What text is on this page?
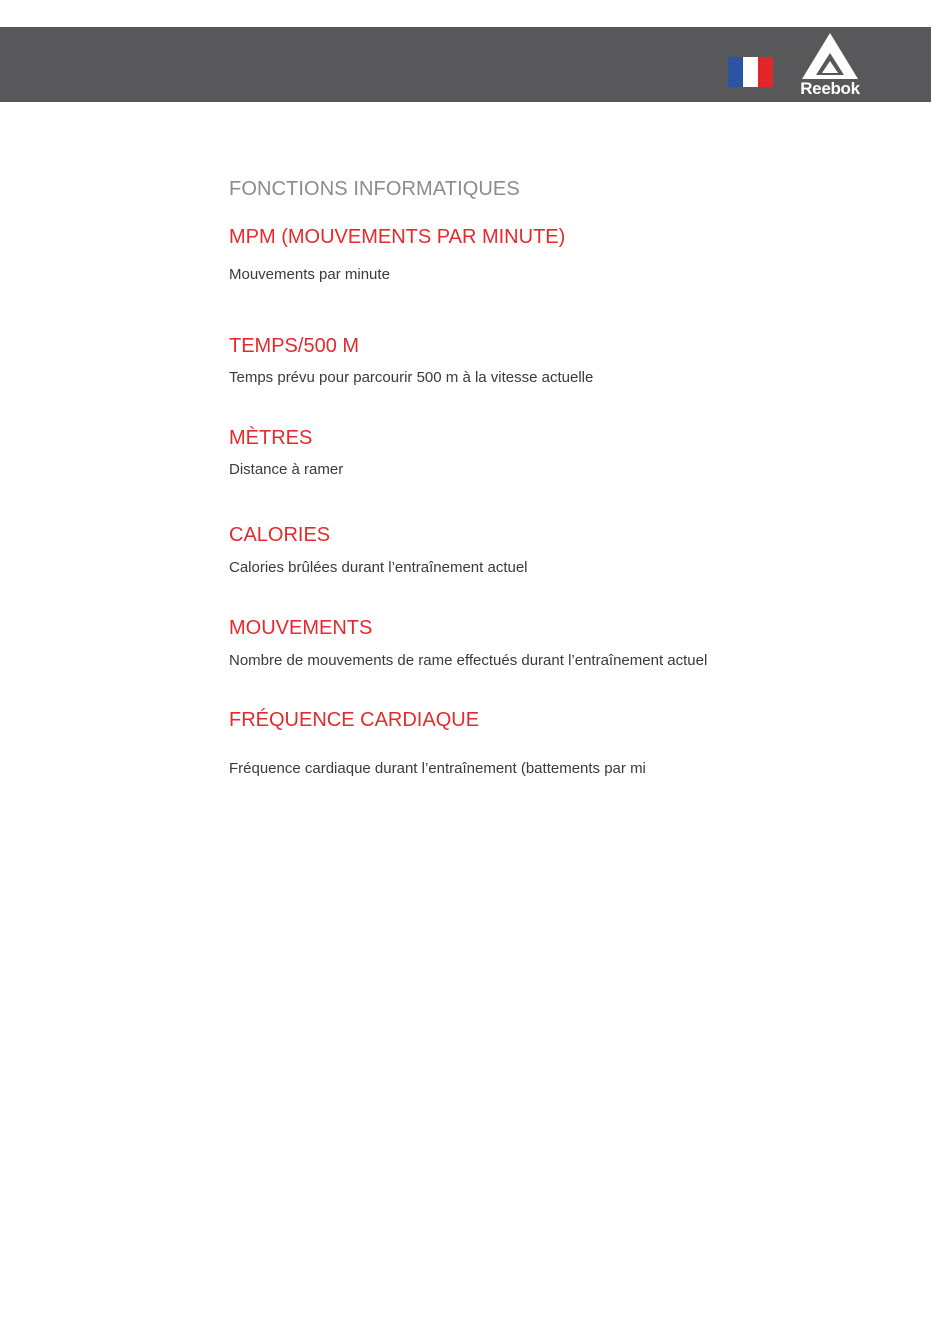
Reebok
FONCTIONS INFORMATIQUES
MPM (MOUVEMENTS PAR MINUTE)
Mouvements par minute
TEMPS/500 M
Temps prévu pour parcourir 500 m à la vitesse actuelle
MÈTRES
Distance à ramer
CALORIES
Calories brûlées durant l’entraînement actuel
MOUVEMENTS
Nombre de mouvements de rame effectués durant l’entraînement actuel
FRÉQUENCE CARDIAQUE
Fréquence cardiaque durant l’entraînement (battements par mi
